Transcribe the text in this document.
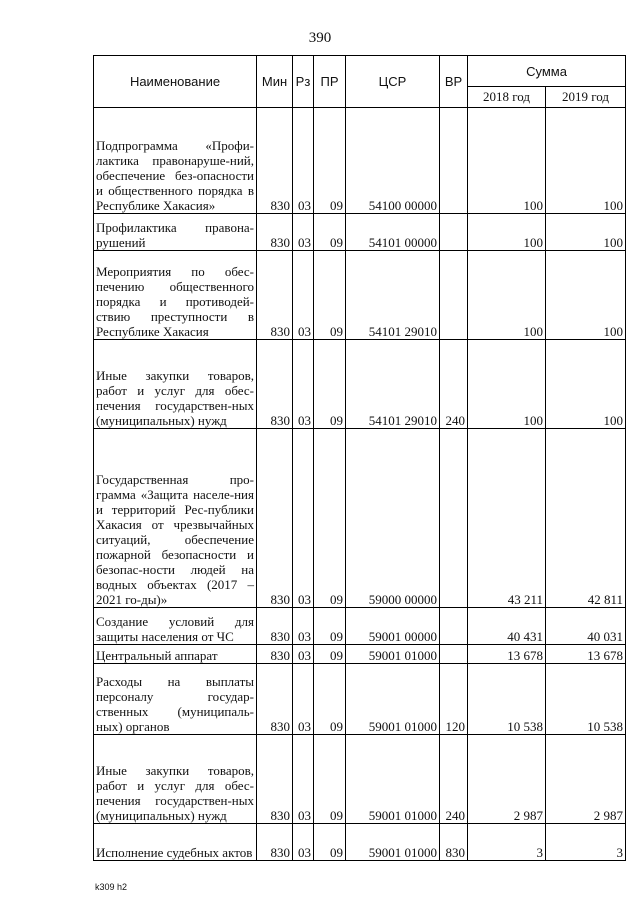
390
Наименование	Мин	Рз	ПР	ЦСР	ВР	Сумма	
						2018 год	2019 год
Подпрограмма «Профи-лактика правонаруше-ний, обеспечение без-опасности и общественного порядка в Республике Хакасия»	830	03	09	54100 00000		100	100
Профилактика правона-рушений	830	03	09	54101 00000		100	100
Мероприятия по обес-печению общественного порядка и противодей-ствию преступности в Республике Хакасия	830	03	09	54101 29010		100	100
Иные закупки товаров, работ и услуг для обес-печения государствен-ных (муниципальных) нужд	830	03	09	54101 29010	240	100	100
Государственная про-грамма «Защита населе-ния и территорий Рес-публики Хакасия от чрезвычайных ситуаций, обеспечение пожарной безопасности и безопас-ности людей на водных объектах (2017 – 2021 го-ды)»	830	03	09	59000 00000		43 211	42 811
Создание условий для защиты населения от ЧС	830	03	09	59001 00000		40 431	40 031
Центральный аппарат	830	03	09	59001 01000		13 678	13 678
Расходы на выплаты персоналу государ-ственных (муниципаль-ных) органов	830	03	09	59001 01000	120	10 538	10 538
Иные закупки товаров, работ и услуг для обес-печения государствен-ных (муниципальных) нужд	830	03	09	59001 01000	240	2 987	2 987
Исполнение судебных актов	830	03	09	59001 01000	830	3	3
k309 h2
